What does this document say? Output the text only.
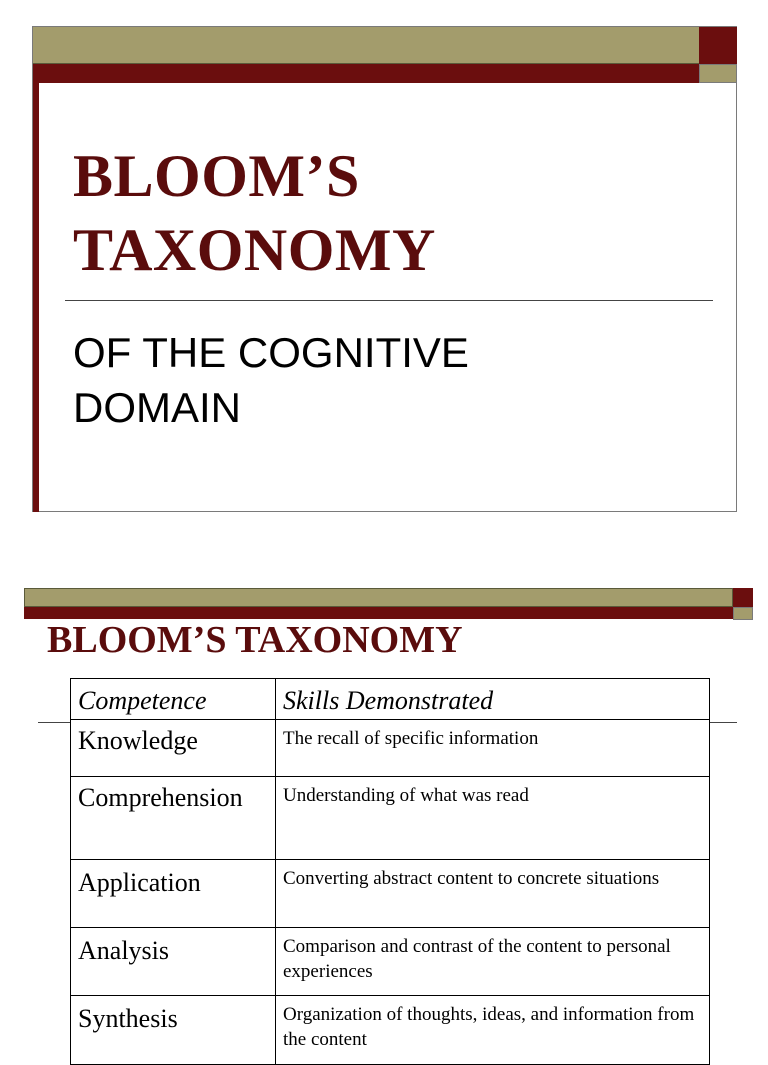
BLOOM’S
TAXONOMY
OF THE COGNITIVE
DOMAIN
BLOOM’S TAXONOMY
Competence	Skills Demonstrated
Knowledge	The recall of specific information
Comprehension	Understanding of what was read
Application	Converting abstract content to concrete situations
Analysis	Comparison and contrast of the content to personal experiences
Synthesis	Organization of thoughts, ideas, and information from the content
